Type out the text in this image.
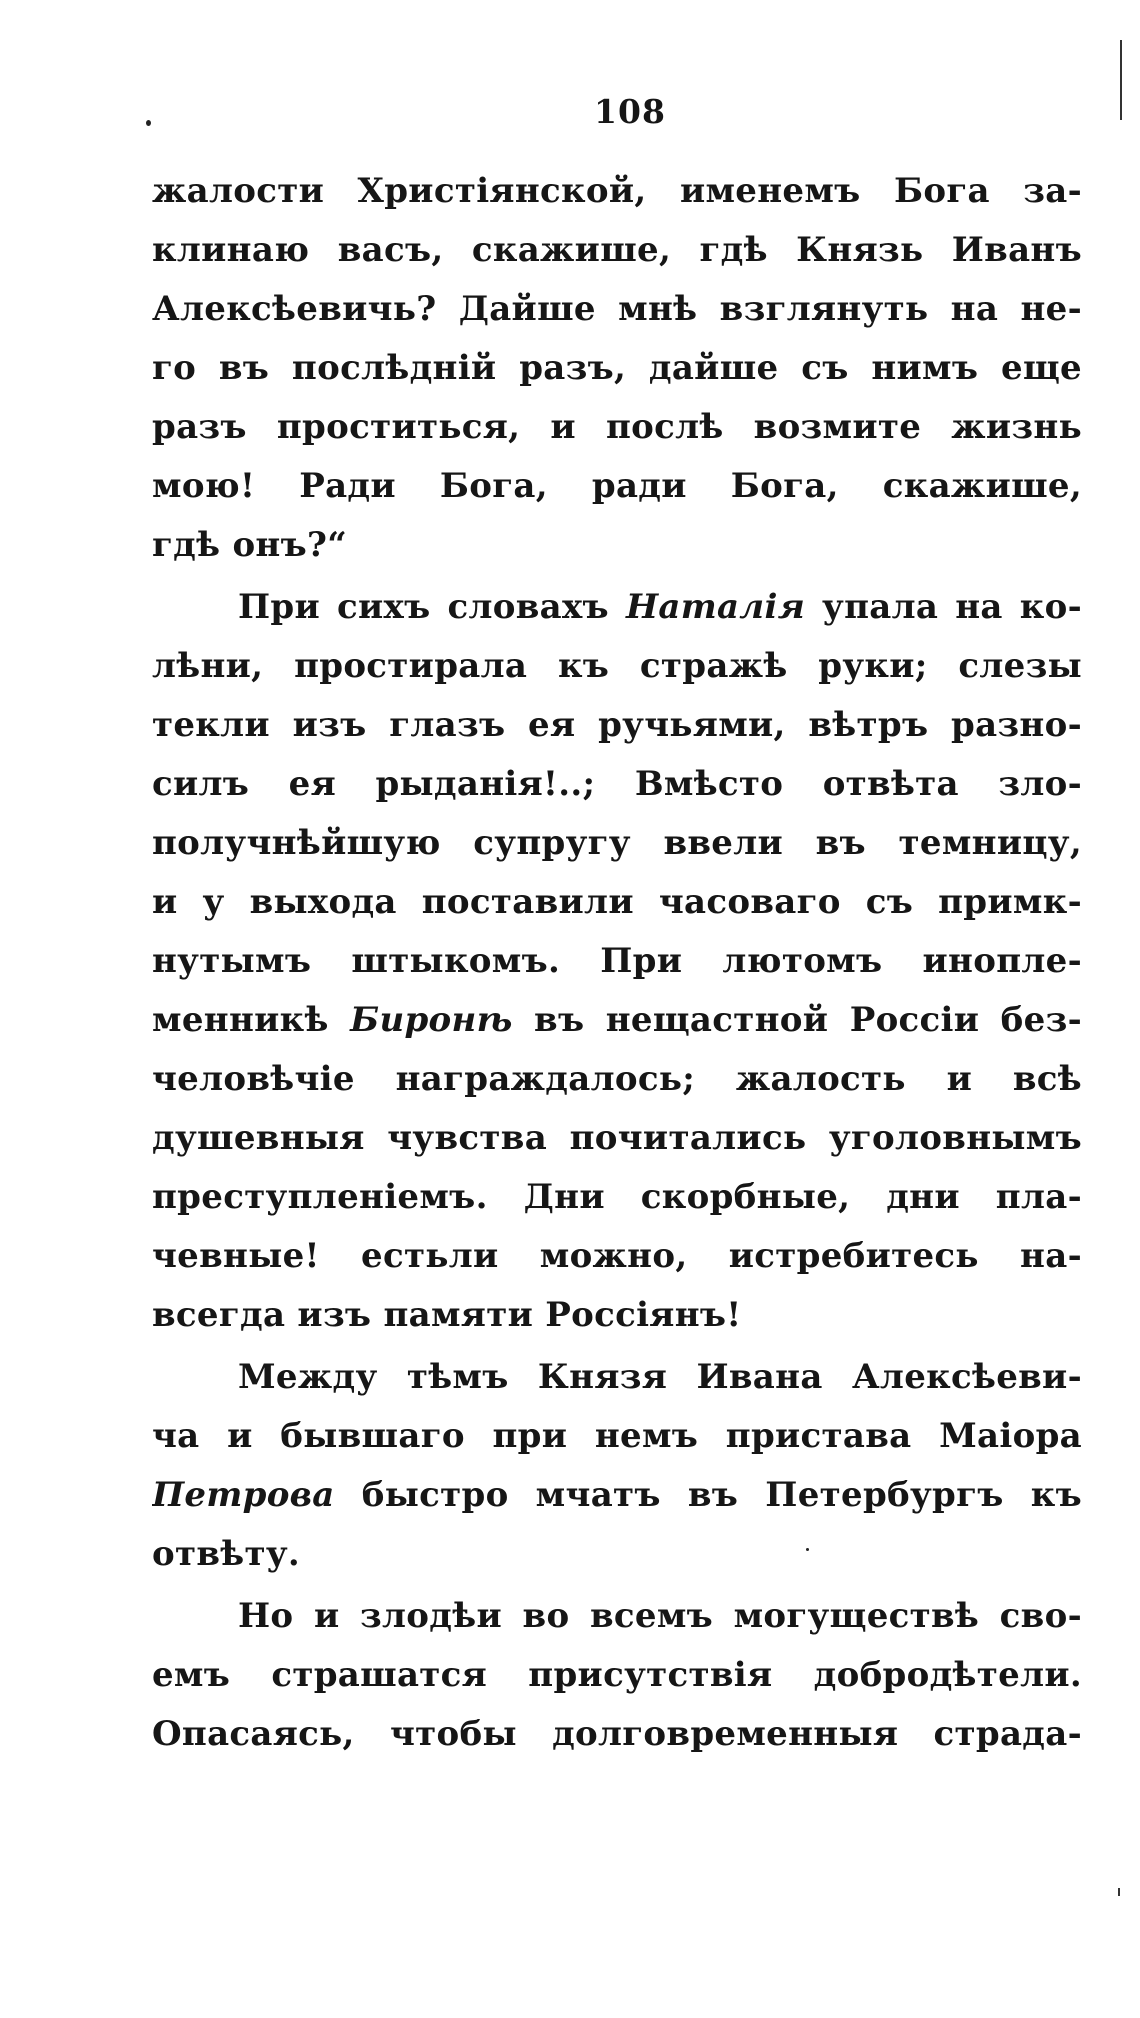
108
жалости Христіянской, именемъ Бога за-
клинаю васъ, скажише, гдѣ Князь Иванъ
Алексѣевичь? Дайше мнѣ взглянуть на не-
го въ послѣдній разъ, дайше съ нимъ еще
разъ проститься, и послѣ возмите жизнь
мою! Ради Бога, ради Бога, скажише,
гдѣ онъ?“
При сихъ словахъ Наталія упала на ко-
лѣни, простирала къ стражѣ руки; слезы
текли изъ глазъ ея ручьями, вѣтръ разно-
силъ ея рыданія!..; Вмѣсто отвѣта зло-
получнѣйшую супругу ввели въ темницу,
и у выхода поставили часоваго съ примк-
нутымъ штыкомъ. При лютомъ инопле-
менникѣ Биронѣ въ нещастной Россіи без-
человѣчіе награждалось; жалость и всѣ
душевныя чувства почитались уголовнымъ
преступленіемъ. Дни скорбные, дни пла-
чевные! естьли можно, истребитесь на-
всегда изъ памяти Россіянъ!
Между тѣмъ Князя Ивана Алексѣеви-
ча и бывшаго при немъ пристава Маіора
Петрова быстро мчатъ въ Петербургъ къ
отвѣту.
Но и злодѣи во всемъ могуществѣ сво-
емъ страшатся присутствія добродѣтели.
Опасаясь, чтобы долговременныя страда-
